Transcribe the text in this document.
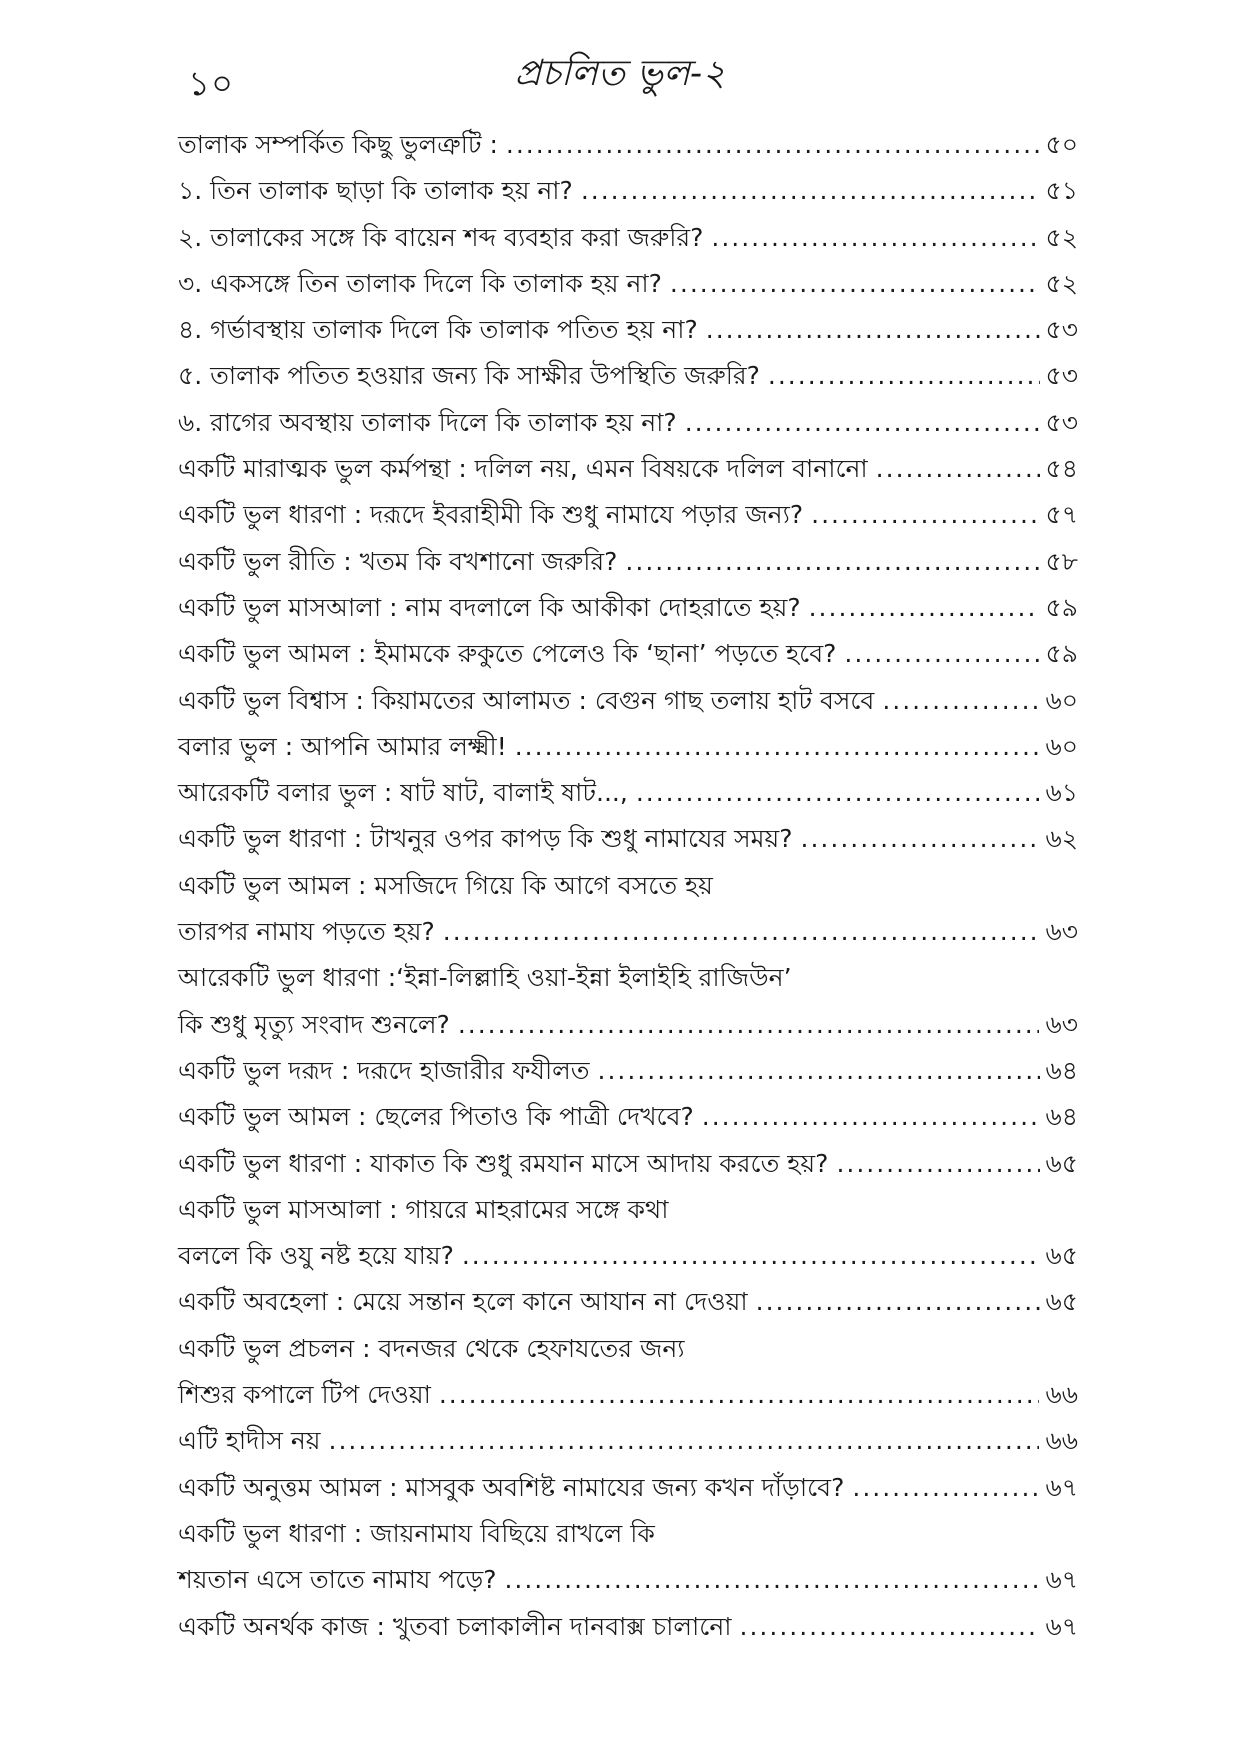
১০	প্রচলিত ভুল-২
তালাক সম্পর্কিত কিছু ভুলত্রুটি : .....	৫০
১. তিন তালাক ছাড়া কি তালাক হয় না? .....	৫১
২. তালাকের সঙ্গে কি বায়েন শব্দ ব্যবহার করা জরুরি? .....	৫২
৩. একসঙ্গে তিন তালাক দিলে কি তালাক হয় না? .....	৫২
৪. গর্ভাবস্থায় তালাক দিলে কি তালাক পতিত হয় না? .....	৫৩
৫. তালাক পতিত হওয়ার জন্য কি সাক্ষীর উপস্থিতি জরুরি? .....	৫৩
৬. রাগের অবস্থায় তালাক দিলে কি তালাক হয় না? .....	৫৩
একটি মারাত্মক ভুল কর্মপন্থা : দলিল নয়, এমন বিষয়কে দলিল বানানো .....	৫৪
একটি ভুল ধারণা : দরূদে ইবরাহীমী কি শুধু নামাযে পড়ার জন্য? .....	৫৭
একটি ভুল রীতি : খতম কি বখশানো জরুরি? .....	৫৮
একটি ভুল মাসআলা : নাম বদলালে কি আকীকা দোহরাতে হয়? .....	৫৯
একটি ভুল আমল : ইমামকে রুকুতে পেলেও কি ‘ছানা’ পড়তে হবে? .....	৫৯
একটি ভুল বিশ্বাস : কিয়ামতের আলামত : বেগুন গাছ তলায় হাট বসবে .....	৬০
বলার ভুল : আপনি আমার লক্ষ্মী! .....	৬০
আরেকটি বলার ভুল : ষাট ষাট, বালাই ষাট..., .....	৬১
একটি ভুল ধারণা : টাখনুর ওপর কাপড় কি শুধু নামাযের সময়? .....	৬২
একটি ভুল আমল : মসজিদে গিয়ে কি আগে বসতে হয়
তারপর নামায পড়তে হয়? .....	৬৩
আরেকটি ভুল ধারণা :‘ইন্না-লিল্লাহি ওয়া-ইন্না ইলাইহি রাজিউন’
কি শুধু মৃত্যু সংবাদ শুনলে? .....	৬৩
একটি ভুল দরূদ : দরূদে হাজারীর ফযীলত .....	৬৪
একটি ভুল আমল : ছেলের পিতাও কি পাত্রী দেখবে? .....	৬৪
একটি ভুল ধারণা : যাকাত কি শুধু রমযান মাসে আদায় করতে হয়? .....	৬৫
একটি ভুল মাসআলা : গায়রে মাহরামের সঙ্গে কথা
বললে কি ওযু নষ্ট হয়ে যায়? .....	৬৫
একটি অবহেলা : মেয়ে সন্তান হলে কানে আযান না দেওয়া .....	৬৫
একটি ভুল প্রচলন : বদনজর থেকে হেফাযতের জন্য
শিশুর কপালে টিপ দেওয়া .....	৬৬
এটি হাদীস নয় .....	৬৬
একটি অনুত্তম আমল : মাসবুক অবশিষ্ট নামাযের জন্য কখন দাঁড়াবে? .....	৬৭
একটি ভুল ধারণা : জায়নামায বিছিয়ে রাখলে কি
শয়তান এসে তাতে নামায পড়ে? .....	৬৭
একটি অনর্থক কাজ : খুতবা চলাকালীন দানবাক্স চালানো .....	৬৭
